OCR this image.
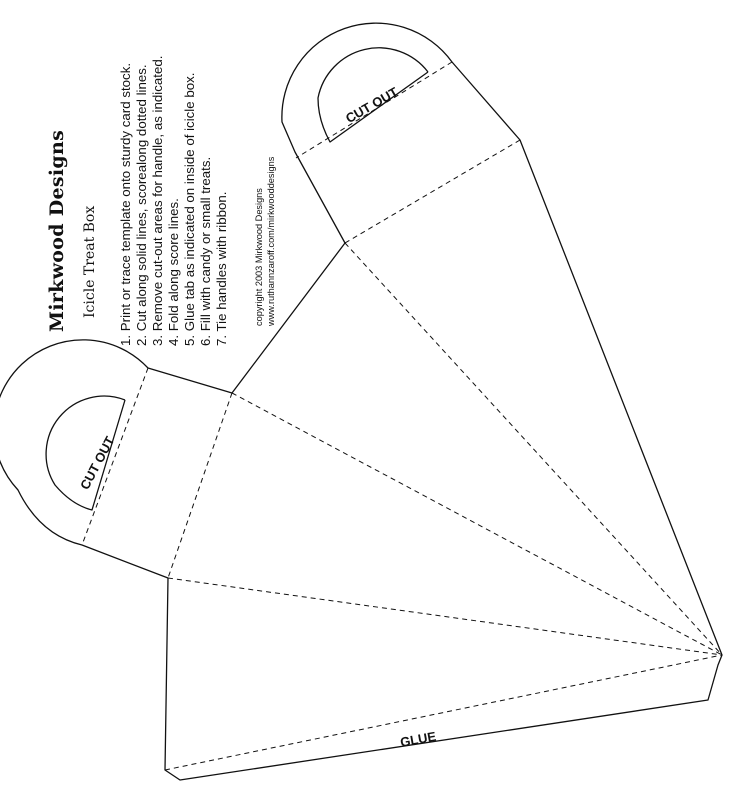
Mirkwood Designs Icicle Treat Box 1. Print or trace template onto sturdy card stock. 2. Cut along solid lines, scorealong dotted lines. 3. Remove cut-out areas for handle, as indicated. 4. Fold along score lines. 5. Glue tab as indicated on inside of icicle box. 6. Fill with candy or small treats. 7. Tie handles with ribbon.	copyright 2003 Mirkwood Designs www.ruthannzaroff.com/mirkwooddesigns
CUT OUT
CUT OUT
GLUE
